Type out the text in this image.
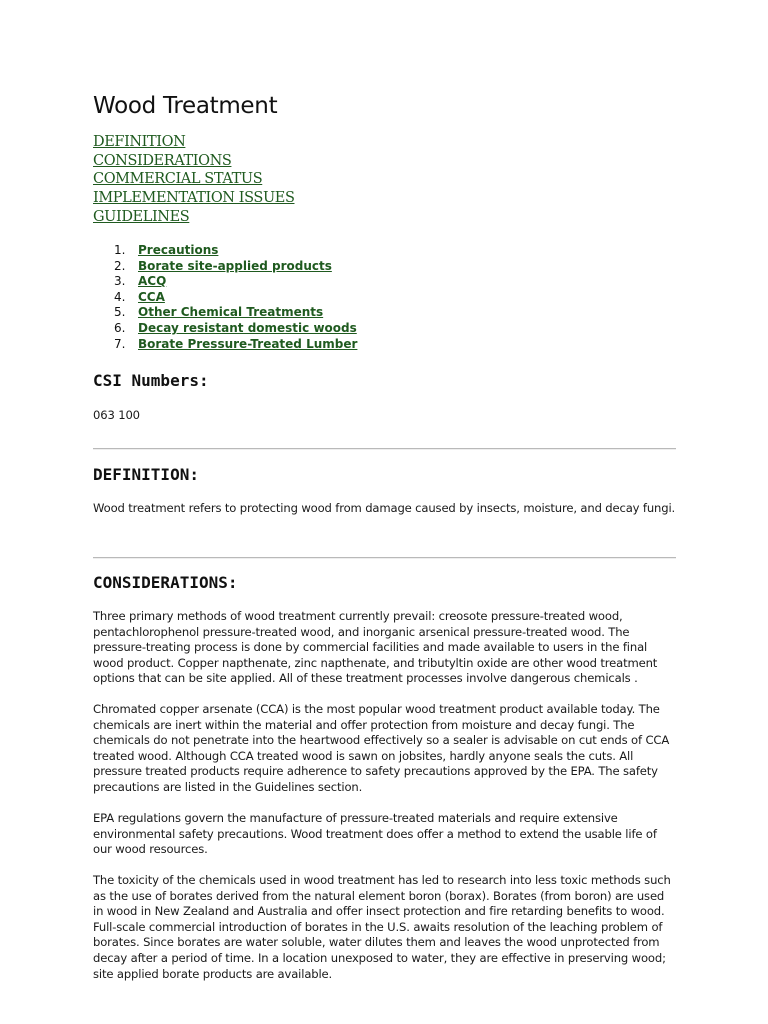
Wood Treatment
DEFINITION
CONSIDERATIONS
COMMERCIAL STATUS
IMPLEMENTATION ISSUES
GUIDELINES
1. Precautions
2. Borate site-applied products
3. ACQ
4. CCA
5. Other Chemical Treatments
6. Decay resistant domestic woods
7. Borate Pressure-Treated Lumber
CSI Numbers:

063 100

DEFINITION:

Wood treatment refers to protecting wood from damage caused by insects, moisture, and decay fungi.

CONSIDERATIONS:

Three primary methods of wood treatment currently prevail: creosote pressure-treated wood, pentachlorophenol pressure-treated wood, and inorganic arsenical pressure-treated wood. The pressure-treating process is done by commercial facilities and made available to users in the final wood product. Copper napthenate, zinc napthenate, and tributyltin oxide are other wood treatment options that can be site applied. All of these treatment processes involve dangerous chemicals .

Chromated copper arsenate (CCA) is the most popular wood treatment product available today. The chemicals are inert within the material and offer protection from moisture and decay fungi. The chemicals do not penetrate into the heartwood effectively so a sealer is advisable on cut ends of CCA treated wood. Although CCA treated wood is sawn on jobsites, hardly anyone seals the cuts. All pressure treated products require adherence to safety precautions approved by the EPA. The safety precautions are listed in the Guidelines section.

EPA regulations govern the manufacture of pressure-treated materials and require extensive environmental safety precautions. Wood treatment does offer a method to extend the usable life of our wood resources.

The toxicity of the chemicals used in wood treatment has led to research into less toxic methods such as the use of borates derived from the natural element boron (borax). Borates (from boron) are used in wood in New Zealand and Australia and offer insect protection and fire retarding benefits to wood. Full-scale commercial introduction of borates in the U.S. awaits resolution of the leaching problem of borates. Since borates are water soluble, water dilutes them and leaves the wood unprotected from decay after a period of time. In a location unexposed to water, they are effective in preserving wood; site applied borate products are available.
